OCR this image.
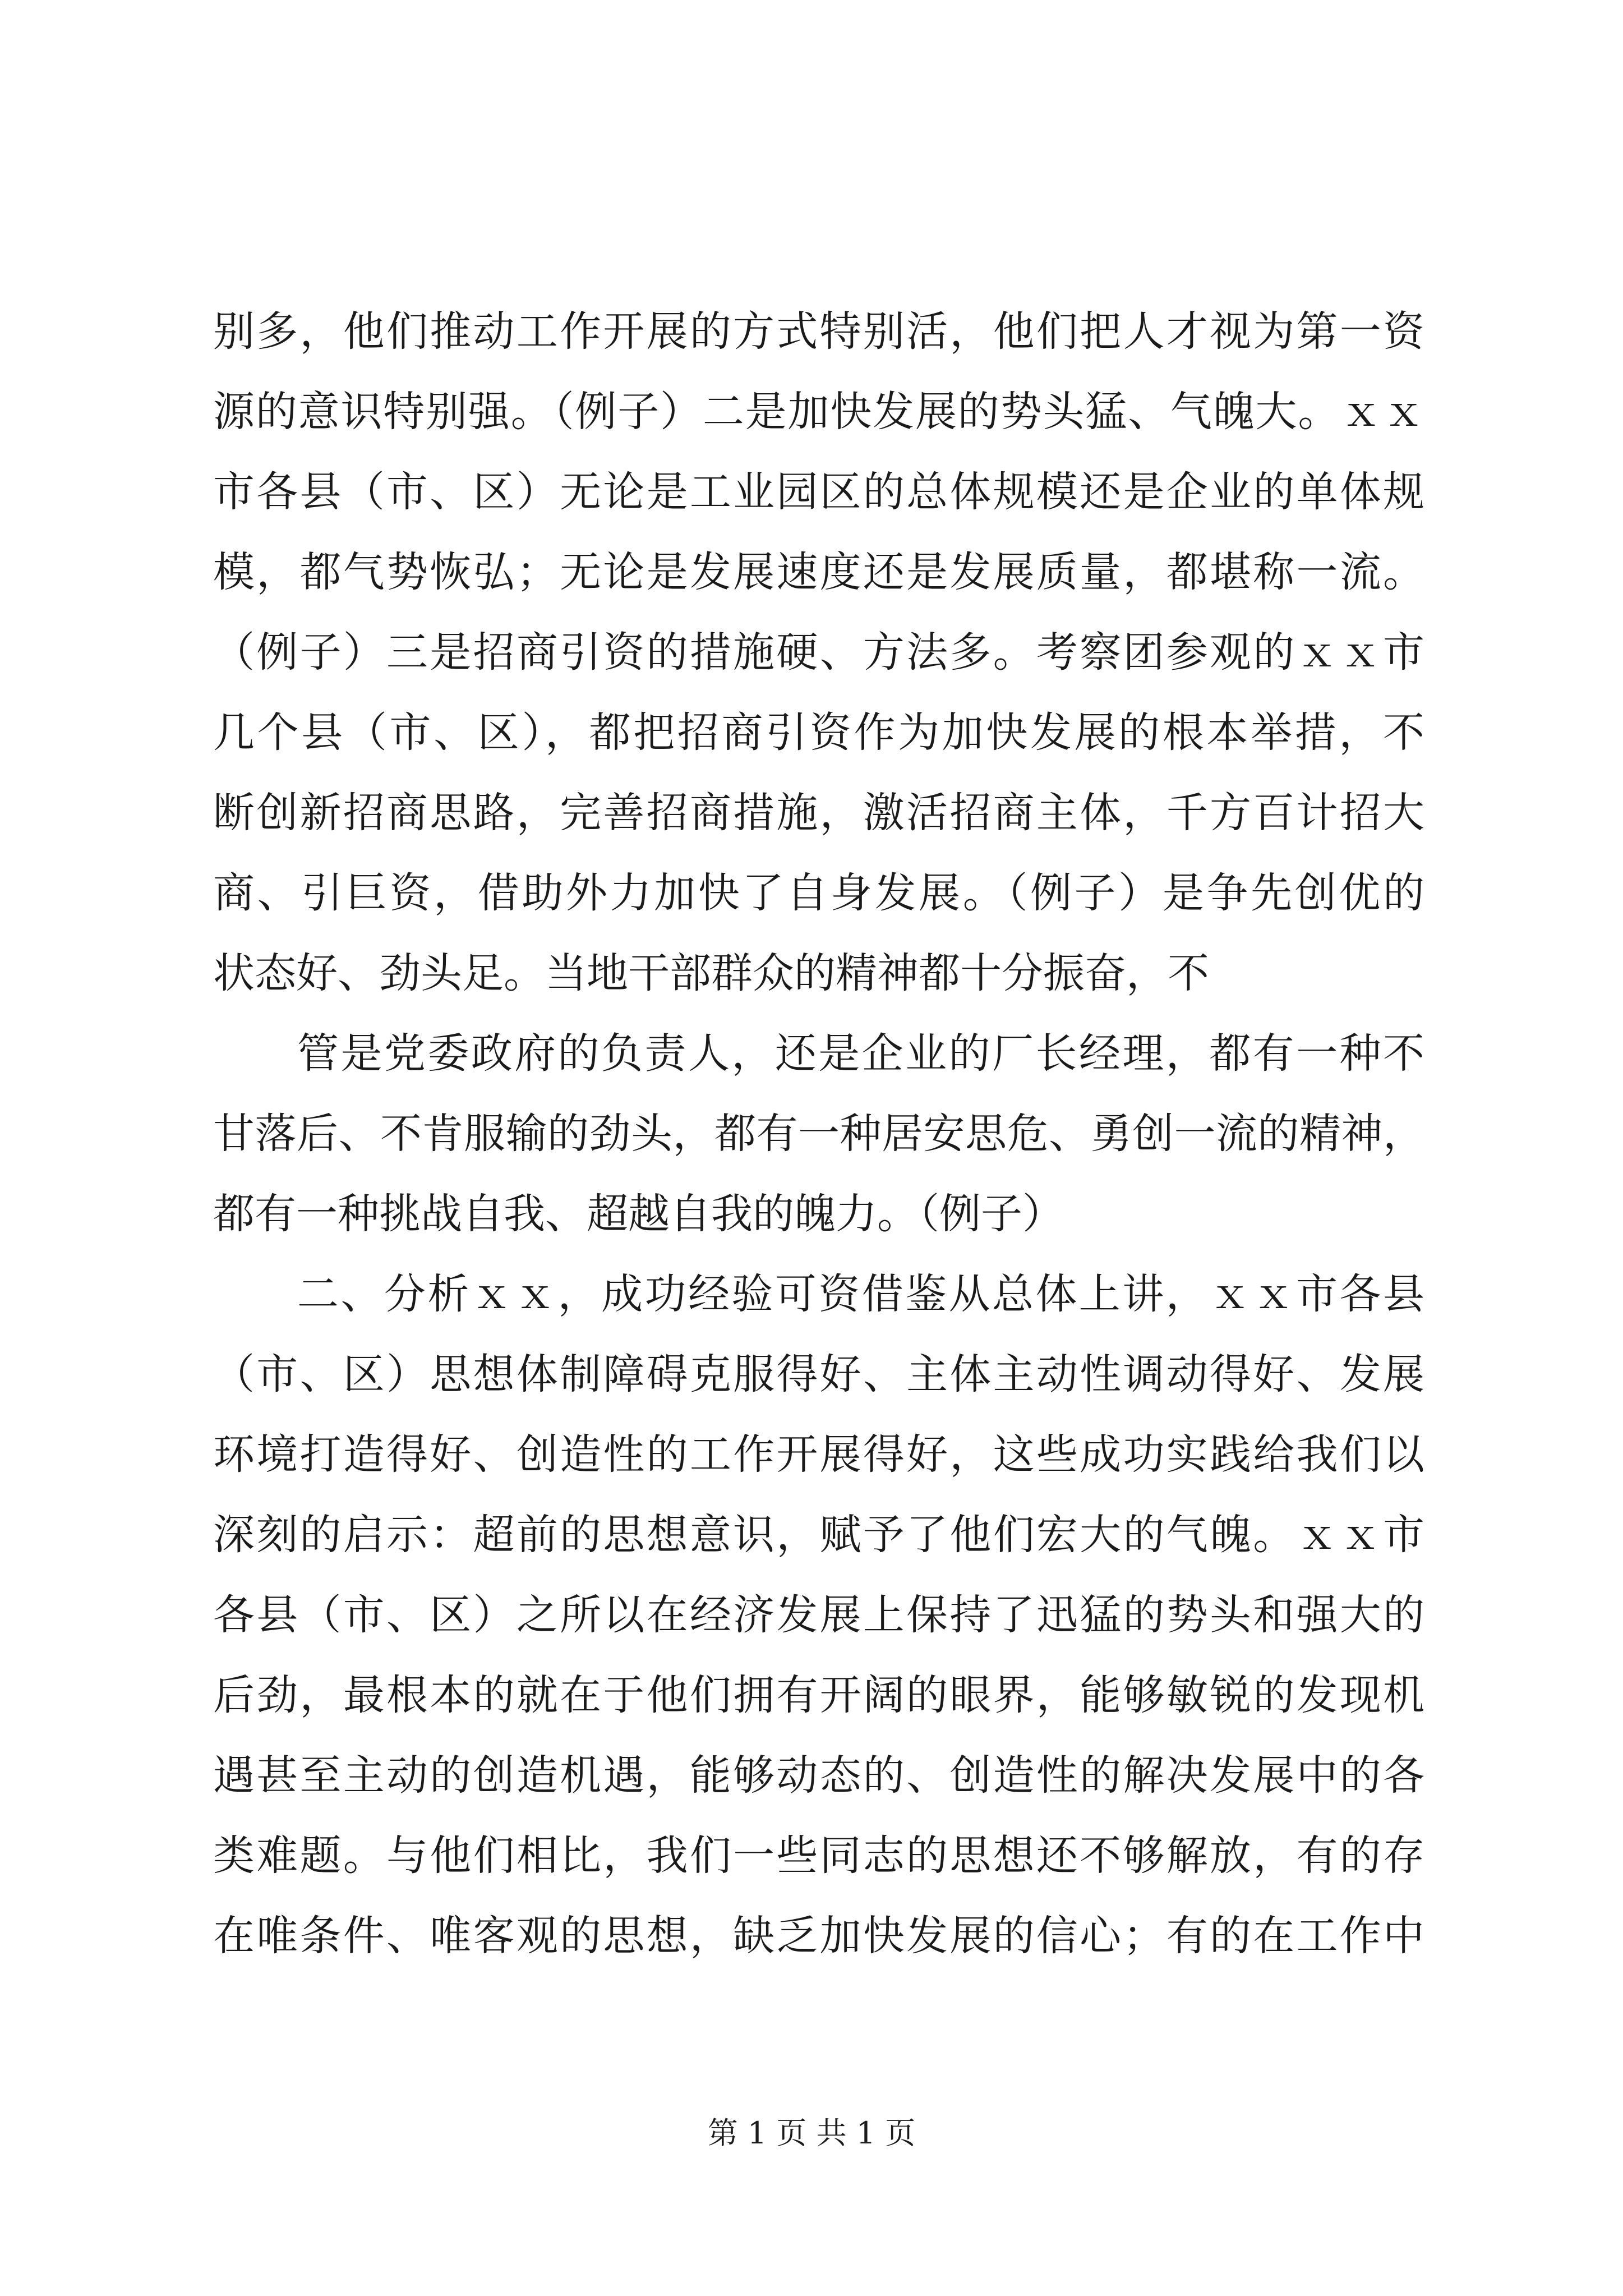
别多，他们推动工作开展的方式特别活，他们把人才视为第一资
源的意识特别强。（例子）二是加快发展的势头猛、气魄大。ｘｘ
市各县（市、区）无论是工业园区的总体规模还是企业的单体规
模，都气势恢弘；无论是发展速度还是发展质量，都堪称一流。
（例子）三是招商引资的措施硬、方法多。考察团参观的ｘｘ市
几个县（市、区），都把招商引资作为加快发展的根本举措，不
断创新招商思路，完善招商措施，激活招商主体，千方百计招大
商、引巨资，借助外力加快了自身发展。（例子）是争先创优的
状态好、劲头足。当地干部群众的精神都十分振奋，不
管是党委政府的负责人，还是企业的厂长经理，都有一种不
甘落后、不肯服输的劲头，都有一种居安思危、勇创一流的精神，
都有一种挑战自我、超越自我的魄力。（例子）
二、分析ｘｘ，成功经验可资借鉴从总体上讲，ｘｘ市各县
（市、区）思想体制障碍克服得好、主体主动性调动得好、发展
环境打造得好、创造性的工作开展得好，这些成功实践给我们以
深刻的启示：超前的思想意识，赋予了他们宏大的气魄。ｘｘ市
各县（市、区）之所以在经济发展上保持了迅猛的势头和强大的
后劲，最根本的就在于他们拥有开阔的眼界，能够敏锐的发现机
遇甚至主动的创造机遇，能够动态的、创造性的解决发展中的各
类难题。与他们相比，我们一些同志的思想还不够解放，有的存
在唯条件、唯客观的思想，缺乏加快发展的信心；有的在工作中
第 1 页 共 1 页
